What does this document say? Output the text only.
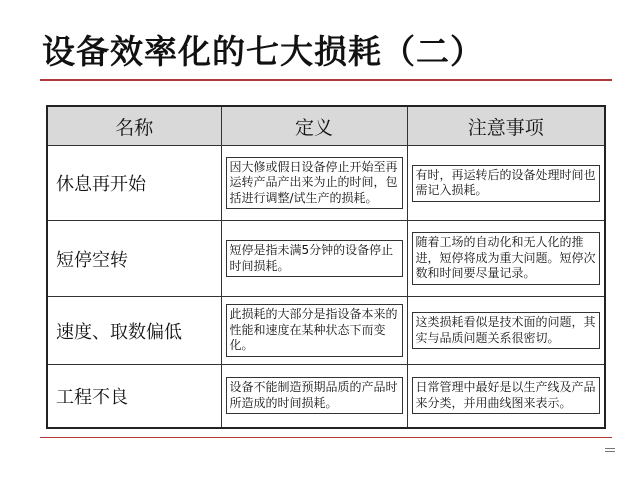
设备效率化的七大损耗（二）
名称	定义	注意事项
休息再开始	因大修或假日设备停止开始至再运转产品产出来为止的时间，包括进行调整/试生产的损耗。	有时，再运转后的设备处理时间也需记入损耗。

短停空转	短停是指未满5分钟的设备停止时间损耗。	随着工场的自动化和无人化的推进，短停将成为重大问题。短停次数和时间要尽量记录。

速度、取数偏低	此损耗的大部分是指设备本来的性能和速度在某种状态下而变化。	这类损耗看似是技术面的问题，其实与品质问题关系很密切。

工程不良	设备不能制造预期品质的产品时所造成的时间损耗。	日常管理中最好是以生产线及产品来分类，并用曲线图来表示。
